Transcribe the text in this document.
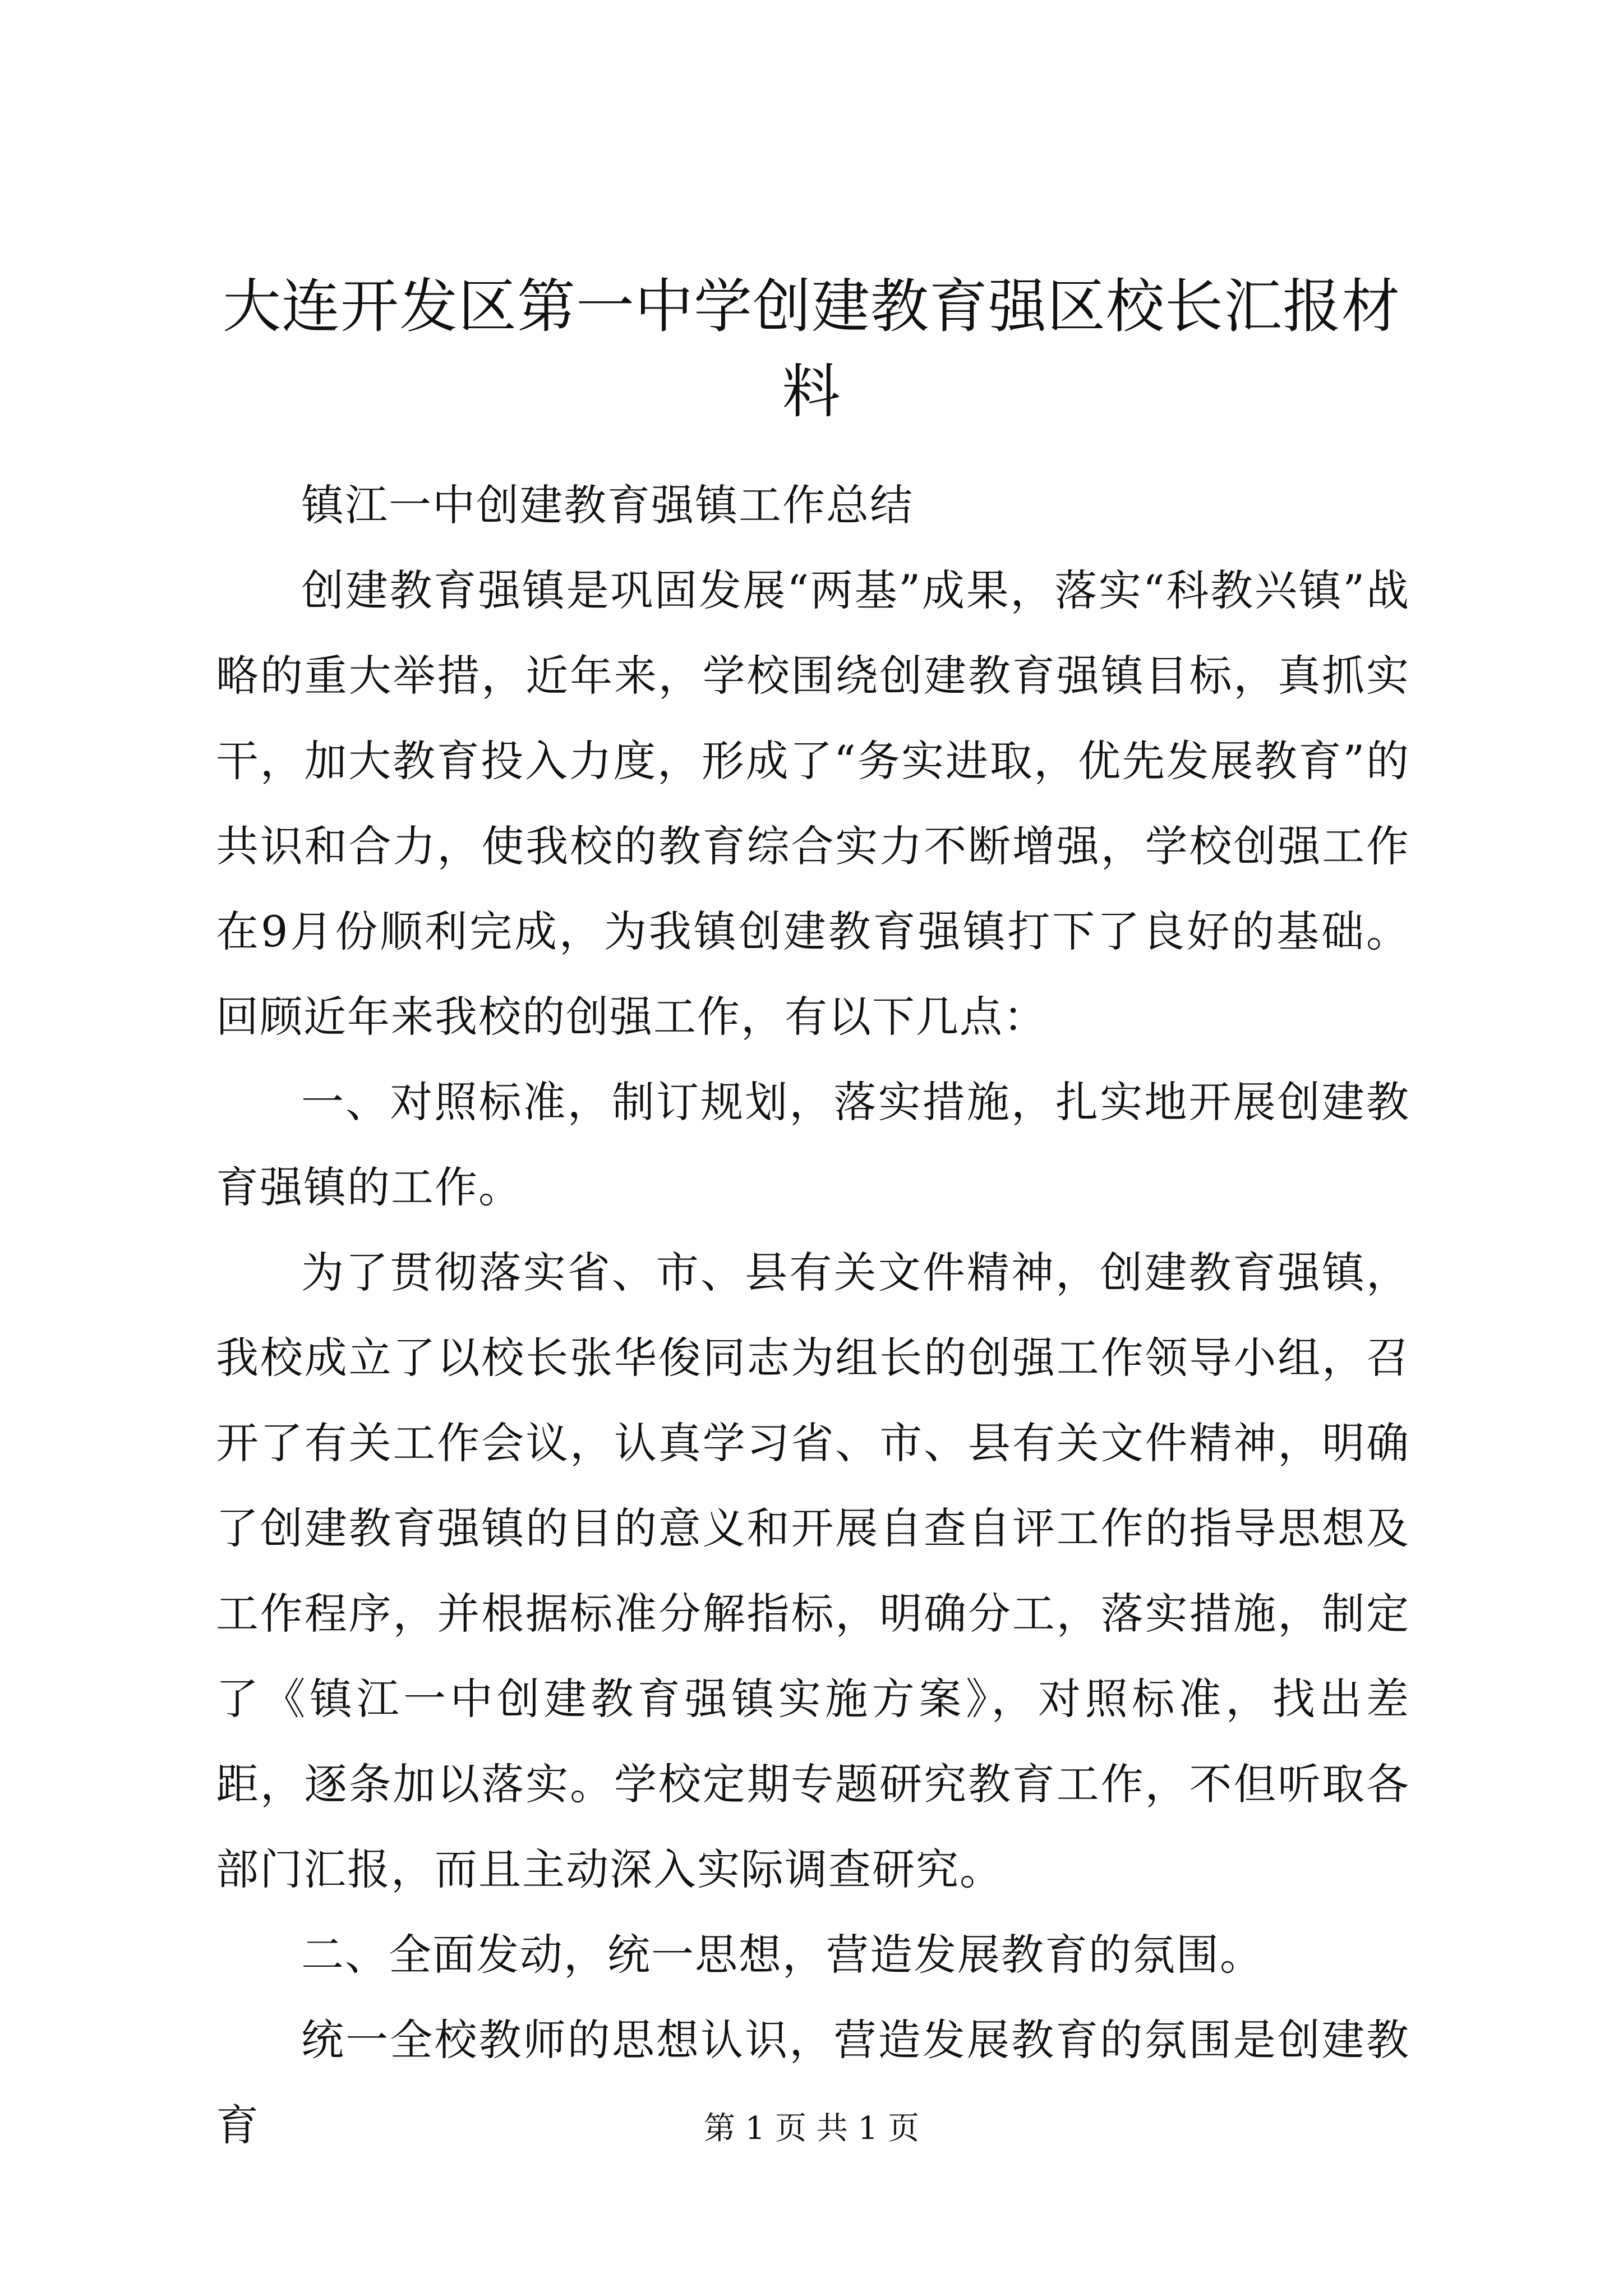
大连开发区第一中学创建教育强区校长汇报材料

镇江一中创建教育强镇工作总结

创建教育强镇是巩固发展“两基”成果，落实“科教兴镇”战略的重大举措，近年来，学校围绕创建教育强镇目标，真抓实干，加大教育投入力度，形成了“务实进取，优先发展教育”的共识和合力，使我校的教育综合实力不断增强，学校创强工作在9月份顺利完成，为我镇创建教育强镇打下了良好的基础。回顾近年来我校的创强工作，有以下几点：

一、对照标准，制订规划，落实措施，扎实地开展创建教育强镇的工作。

为了贯彻落实省、市、县有关文件精神，创建教育强镇，我校成立了以校长张华俊同志为组长的创强工作领导小组，召开了有关工作会议，认真学习省、市、县有关文件精神，明确了创建教育强镇的目的意义和开展自查自评工作的指导思想及工作程序，并根据标准分解指标，明确分工，落实措施，制定了《镇江一中创建教育强镇实施方案》，对照标准，找出差距，逐条加以落实。学校定期专题研究教育工作，不但听取各部门汇报，而且主动深入实际调查研究。

二、全面发动，统一思想，营造发展教育的氛围。

统一全校教师的思想认识，营造发展教育的氛围是创建教育	第 1 页 共 1 页
